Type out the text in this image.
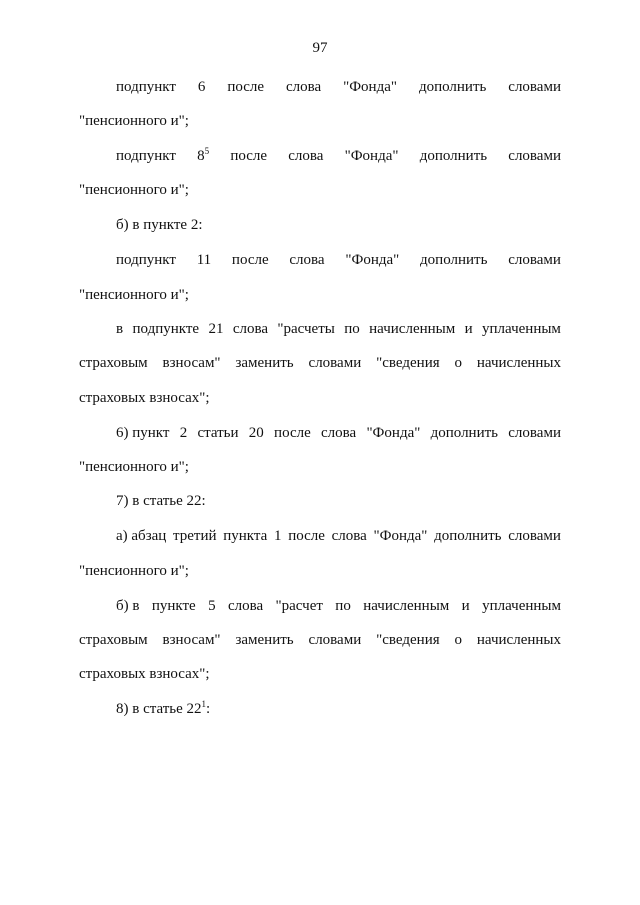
97
подпункт 6 после слова "Фонда" дополнить словами
"пенсионного и";
подпункт $8^5$ после слова "Фонда" дополнить словами
"пенсионного и";
б) в пункте 2:
подпункт 11 после слова "Фонда" дополнить словами
"пенсионного и";
в подпункте 21 слова "расчеты по начисленным и уплаченным
страховым взносам" заменить словами "сведения о начисленных
страховых взносах";
6) пункт 2 статьи 20 после слова "Фонда" дополнить словами
"пенсионного и";
7) в статье 22:
а) абзац третий пункта 1 после слова "Фонда" дополнить словами
"пенсионного и";
б) в пункте 5 слова "расчет по начисленным и уплаченным
страховым взносам" заменить словами "сведения о начисленных
страховых взносах";
8) в статье $22^1$:
